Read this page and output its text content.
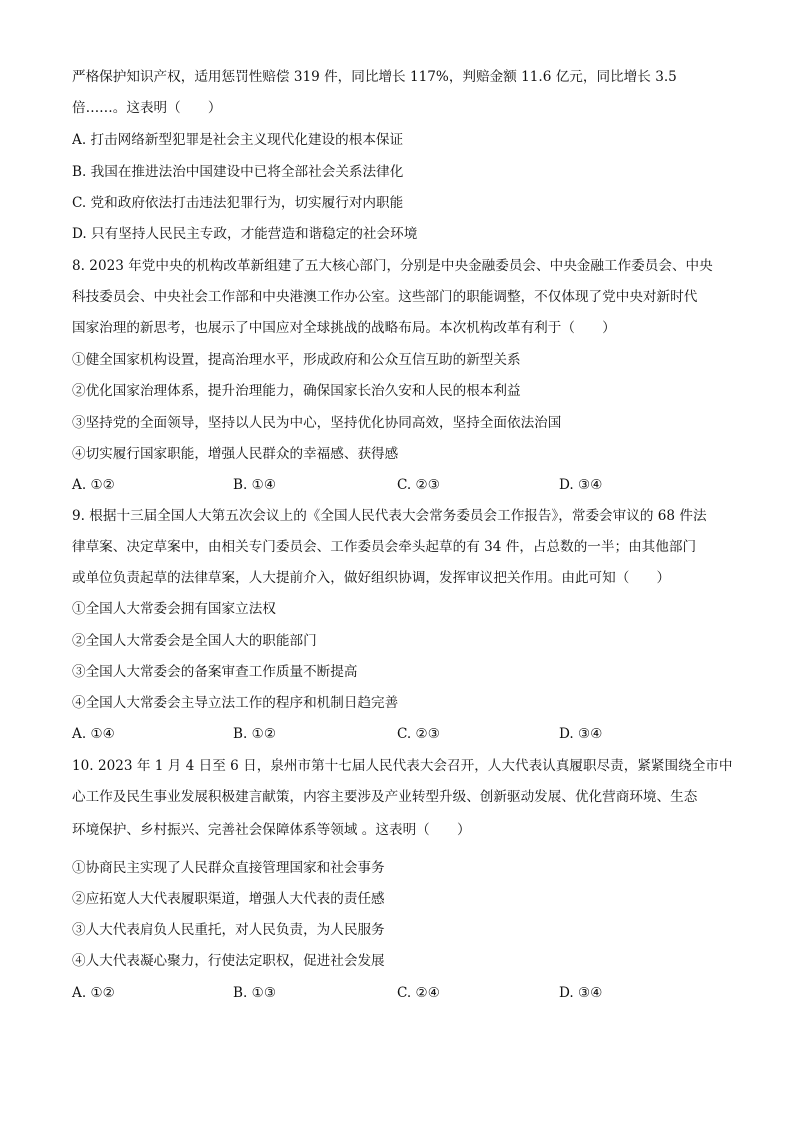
严格保护知识产权，适用惩罚性赔偿 319 件，同比增长 117%，判赔金额 11.6 亿元，同比增长 3.5
倍……。这表明（　　）
A. 打击网络新型犯罪是社会主义现代化建设的根本保证
B. 我国在推进法治中国建设中已将全部社会关系法律化
C. 党和政府依法打击违法犯罪行为，切实履行对内职能
D. 只有坚持人民民主专政，才能营造和谐稳定的社会环境
8. 2023 年党中央的机构改革新组建了五大核心部门，分别是中央金融委员会、中央金融工作委员会、中央
科技委员会、中央社会工作部和中央港澳工作办公室。这些部门的职能调整，不仅体现了党中央对新时代
国家治理的新思考，也展示了中国应对全球挑战的战略布局。本次机构改革有利于（　　）
①健全国家机构设置，提高治理水平，形成政府和公众互信互助的新型关系
②优化国家治理体系，提升治理能力，确保国家长治久安和人民的根本利益
③坚持党的全面领导，坚持以人民为中心，坚持优化协同高效，坚持全面依法治国
④切实履行国家职能，增强人民群众的幸福感、获得感
A. ①②	B. ①④	C. ②③	D. ③④
9. 根据十三届全国人大第五次会议上的《全国人民代表大会常务委员会工作报告》，常委会审议的 68 件法
律草案、决定草案中，由相关专门委员会、工作委员会牵头起草的有 34 件，占总数的一半；由其他部门
或单位负责起草的法律草案，人大提前介入，做好组织协调，发挥审议把关作用。由此可知（　　）
①全国人大常委会拥有国家立法权
②全国人大常委会是全国人大的职能部门
③全国人大常委会的备案审查工作质量不断提高
④全国人大常委会主导立法工作的程序和机制日趋完善
A. ①④	B. ①②	C. ②③	D. ③④
10. 2023 年 1 月 4 日至 6 日，泉州市第十七届人民代表大会召开，人大代表认真履职尽责，紧紧围绕全市中
心工作及民生事业发展积极建言献策，内容主要涉及产业转型升级、创新驱动发展、优化营商环境、生态
环境保护、乡村振兴、完善社会保障体系等领域 。这表明（　　）
①协商民主实现了人民群众直接管理国家和社会事务
②应拓宽人大代表履职渠道，增强人大代表的责任感
③人大代表肩负人民重托，对人民负责，为人民服务
④人大代表凝心聚力，行使法定职权，促进社会发展
A. ①②	B. ①③	C. ②④	D. ③④
